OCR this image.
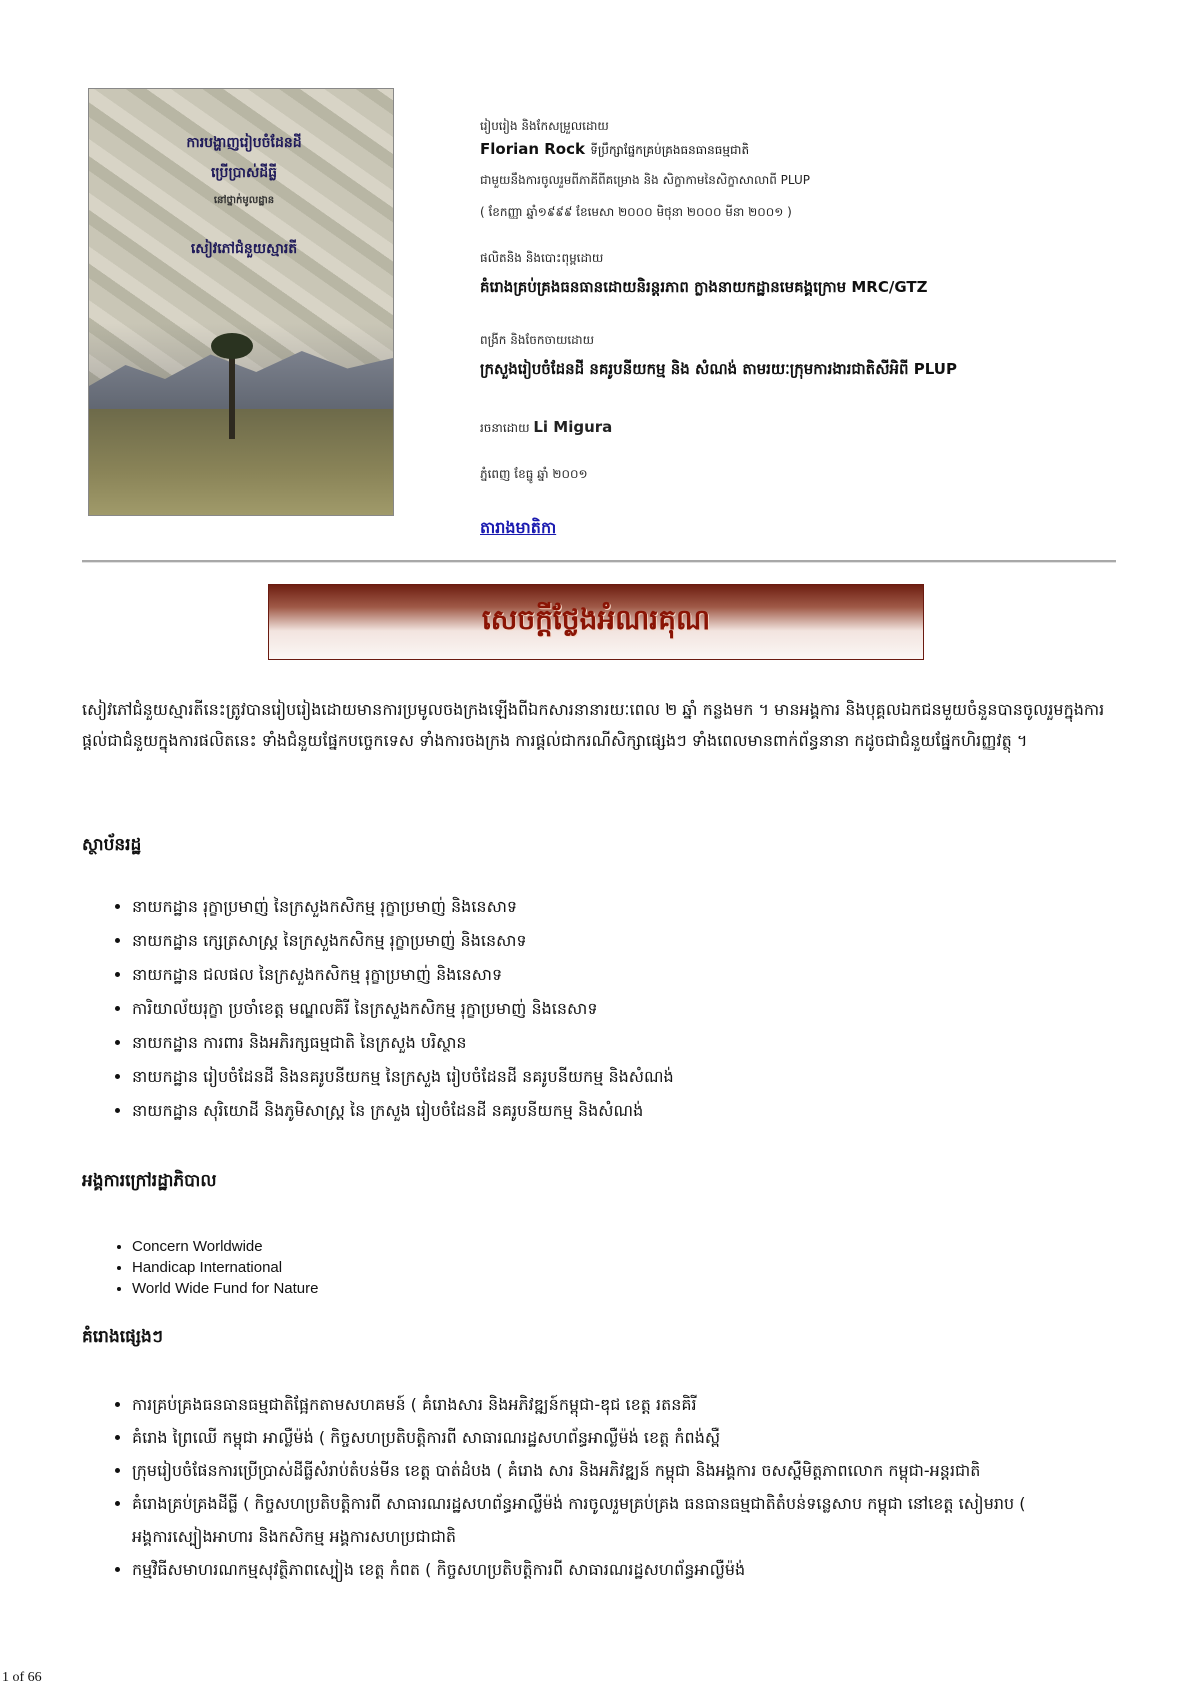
ការបង្ហាញរៀបចំដែនដី
ប្រើប្រាស់ដីធ្លី
នៅថ្នាក់មូលដ្ឋាន
សៀវភៅជំនួយស្មារតី
រៀបរៀង និងកែសម្រួលដោយ
Florian Rock ទីប្រឹក្សាផ្នែកគ្រប់គ្រងធនធានធម្មជាតិ
ជាមួយនឹងការចូលរួមពីភាគីពីគម្រោង និង សិក្ខាកាមនៃសិក្ខាសាលាពី PLUP
( ខែកញ្ញា ឆ្នាំ១៩៩៩ ខែមេសា ២០០០ មិថុនា ២០០០ មីនា ២០០១ )
ផលិតនិង និងបោះពុម្ពដោយ
គំរោងគ្រប់គ្រងធនធានដោយនិរន្តរភាព ក្លាងនាយកដ្ឋានមេគង្គក្រោម MRC/GTZ
ពង្រីក និងចែកចាយដោយ
ក្រសួងរៀបចំដែនដី នគរូបនីយកម្ម និង សំណង់ តាមរយៈក្រុមការងារជាតិសីអិពី PLUP
រចនាដោយ Li Migura
ភ្នំពេញ ខែធ្នូ ឆ្នាំ ២០០១
តារាងមាតិកា
សេចក្តីថ្លែងអំណរគុណ
សៀវភៅជំនួយស្មារតីនេះត្រូវបានរៀបរៀងដោយមានការប្រមូលចងក្រងឡើងពីឯកសារនានារយៈពេល ២ ឆ្នាំ កន្លងមក ។ មានអង្គការ និងបុគ្គលឯកជនមួយចំនួនបានចូលរួមក្នុងការផ្តល់ជាជំនួយក្នុងការផលិតនេះ ទាំងជំនួយផ្នែកបច្ចេកទេស ទាំងការចងក្រង ការផ្តល់ជាករណីសិក្សាផ្សេងៗ ទាំងពេលមានពាក់ព័ន្ធនានា កដូចជាជំនួយផ្នែកហិរញ្ញវត្ថុ ។
ស្ថាប័នរដ្ឋ
• នាយកដ្ឋាន រុក្ខាប្រមាញ់ នៃក្រសួងកសិកម្ម រុក្ខាប្រមាញ់ និងនេសាទ
• នាយកដ្ឋាន ក្សេត្រសាស្រ្ត នៃក្រសួងកសិកម្ម រុក្ខាប្រមាញ់ និងនេសាទ
• នាយកដ្ឋាន ជលផល នៃក្រសួងកសិកម្ម រុក្ខាប្រមាញ់ និងនេសាទ
• ការិយាល័យរុក្ខា ប្រចាំខេត្ត មណ្ឌលគិរី នៃក្រសួងកសិកម្ម រុក្ខាប្រមាញ់ និងនេសាទ
• នាយកដ្ឋាន ការពារ និងអភិរក្សធម្មជាតិ នៃក្រសួង បរិស្ថាន
• នាយកដ្ឋាន រៀបចំដែនដី និងនគរូបនីយកម្ម នៃក្រសួង រៀបចំដែនដី នគរូបនីយកម្ម និងសំណង់
• នាយកដ្ឋាន សុរិយោដី និងភូមិសាស្រ្ត នៃ ក្រសួង រៀបចំដែនដី នគរូបនីយកម្ម និងសំណង់
អង្គការក្រៅរដ្ឋាភិបាល
• Concern Worldwide
• Handicap International
• World Wide Fund for Nature
គំរោងផ្សេងៗ
• ការគ្រប់គ្រងធនធានធម្មជាតិផ្អែកតាមសហគមន៍ ( គំរោងសារ និងអភិវឌ្ឍន៍កម្ពុជា-ឌុជ ខេត្ត រតនគិរី
• គំរោង ព្រៃឈើ កម្ពុជា អាល្លឺម៉ង់ ( កិច្ចសហប្រតិបត្តិការពី សាធារណរដ្ឋសហព័ន្ធអាល្លឺម៉ង់ ខេត្ត កំពង់ស្ពឺ
• ក្រុមរៀបចំផែនការប្រើប្រាស់ដីធ្លីសំរាប់តំបន់មីន ខេត្ត បាត់ដំបង ( គំរោង សារ និងអភិវឌ្ឍន៍ កម្ពុជា និងអង្គការ ចសស្ពឺមិត្តភាពលោក កម្ពុជា-អន្តរជាតិ
• គំរោងគ្រប់គ្រងដីធ្លី ( កិច្ចសហប្រតិបត្តិការពី សាធារណរដ្ឋសហព័ន្ធអាល្លឺម៉ង់ ការចូលរួមគ្រប់គ្រង ធនធានធម្មជាតិតំបន់ទន្លេសាប កម្ពុជា នៅខេត្ត សៀមរាប ( អង្គការស្បៀងអាហារ និងកសិកម្ម អង្គការសហប្រជាជាតិ
• កម្មវិធីសមាហរណកម្មសុវត្ថិភាពស្បៀង ខេត្ត កំពត ( កិច្ចសហប្រតិបត្តិការពី សាធារណរដ្ឋសហព័ន្ធអាល្លឺម៉ង់
1 of 66
